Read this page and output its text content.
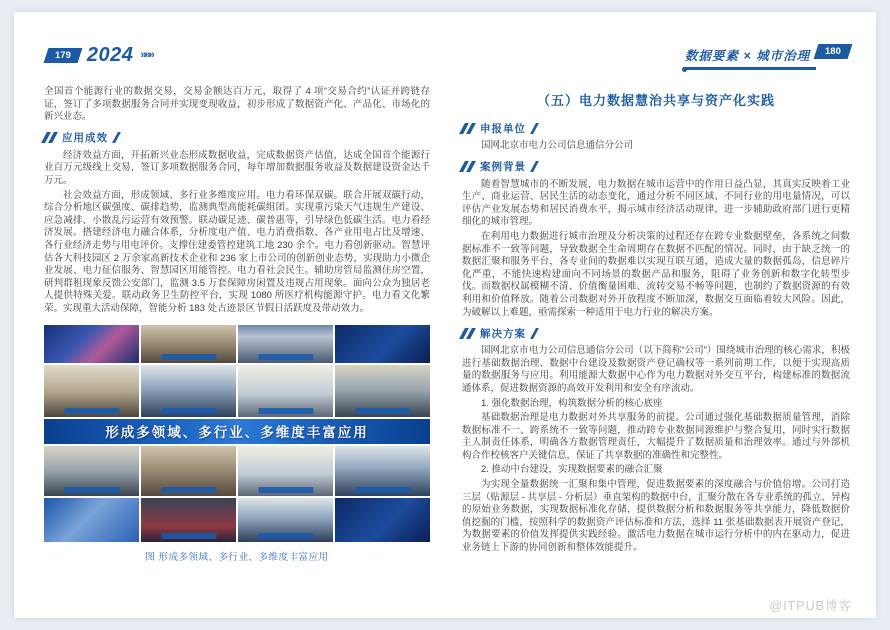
179 2024 »»»	数据要素 × 城市治理	180

全国首个能源行业的数据交易，交易金额达百万元，取得了 4 项“交易合约”认证并跨链存证，签订了多项数据服务合同并实现变现收益，初步形成了数据资产化、产品化、市场化的新兴业态。

应用成效

经济效益方面，开拓新兴业态形成数据收益，完成数据资产估值，达成全国首个能源行业百万元级线上交易，签订多项数据服务合同，每年增加数据服务收益及数据建设资金达千万元。

社会效益方面，形成领域、多行业多维度应用。电力看环保双碳。联合开展双碳行动，综合分析地区碳强度、碳排趋势，监测典型高能耗碳组团。实现重污染天气违规生产建设、应急减排、小散乱污运营有效预警。联动碳足迹、碳普惠等，引导绿色低碳生活。电力看经济发展。搭建经济电力融合体系，分析度电产值、电力消费指数、各产业用电占比及增速、各行业经济走势与用电评价。支撑住建委管控建筑工地 230 余个。电力看创新驱动。智慧评估各大科技园区 2 万余家高新技术企业和 236 家上市公司的创新创业态势，实现助力小微企业发展、电力征信服务、智慧园区用能管控。电力看社会民生。辅助房管局监测住房空置，研判群租现象反馈公安部门，监测 3.5 万套保障房闲置及违规占用现象。面向公众为独居老人提供特殊关爱。联动政务卫生防控平台，实现 1080 所医疗机构能源守护。电力看文化繁荣。实现重大活动保障，智能分析 183 处古迹景区节假日活跃度及带动效力。

形成多领域、多行业、多维度丰富应用
图 形成多领域、多行业、多维度丰富应用
（五）电力数据慧治共享与资产化实践
申报单位

国网北京市电力公司信息通信分公司

案例背景

随着智慧城市的不断发展，电力数据在城市运营中的作用日益凸显，其真实反映着工业生产、商业运营、居民生活的动态变化，通过分析不同区域、不同行业的用电量情况，可以评估产业发展态势和居民消费水平，揭示城市经济活动规律，进一步辅助政府部门进行更精细化的城市管理。

在利用电力数据进行城市治理及分析决策的过程还存在跨专业数据壁垒，各系统之间数据标准不一致等问题，导致数据全生命周期存在数据不匹配的情况。同时，由于缺乏统一的数据汇聚和服务平台，各专业间的数据难以实现互联互通，造成大量的数据孤岛，信息碎片化严重，不能快速构建面向不同场景的数据产品和服务，阻碍了业务创新和数字化转型步伐。而数据权属模糊不清、价值衡量困难、流转交易不畅等问题，也制约了数据资源的有效利用和价值释放。随着公司数据对外开放程度不断加深，数据交互面临着较大风险。因此，为破解以上难题，亟需探索一种适用于电力行业的解决方案。

解决方案

国网北京市电力公司信息通信分公司（以下简称“公司”）围绕城市治理的核心需求，积极进行基础数据治理、数据中台建设及数据资产登记确权等一系列前期工作，以便于实现高质量的数据服务与应用。利用能源大数据中心作为电力数据对外交互平台，构建标准的数据流通体系，促进数据资源的高效开发利用和安全有序流动。

1. 强化数据治理，构筑数据分析的核心底座

基础数据治理是电力数据对外共享服务的前提。公司通过强化基础数据质量管理，消除数据标准不一、跨系统不一致等问题，推动跨专业数据同源维护与整合复用，同时实行数据主人制责任体系，明确各方数据管理责任，大幅提升了数据质量和治理效率。通过与外部机构合作校核客户关键信息，保证了共享数据的准确性和完整性。

2. 推动中台建设，实现数据要素的融合汇聚

为实现全量数据统一汇聚和集中管理，促进数据要素的深度融合与价值倍增。公司打造三层（贴源层 - 共享层 - 分析层）垂直架构的数据中台，汇聚分散在各专业系统的孤立、异构的原始业务数据，实现数据标准化存储，提供数据分析和数据服务等共享能力，降低数据价值挖掘的门槛，按照科学的数据资产评估标准和方法，选择 11 张基础数据表开展资产登记，为数据要素的价值发挥提供实践经验。激活电力数据在城市运行分析中的内在驱动力，促进业务链上下游的协同创新和整体效能提升。

@ITPUB博客
